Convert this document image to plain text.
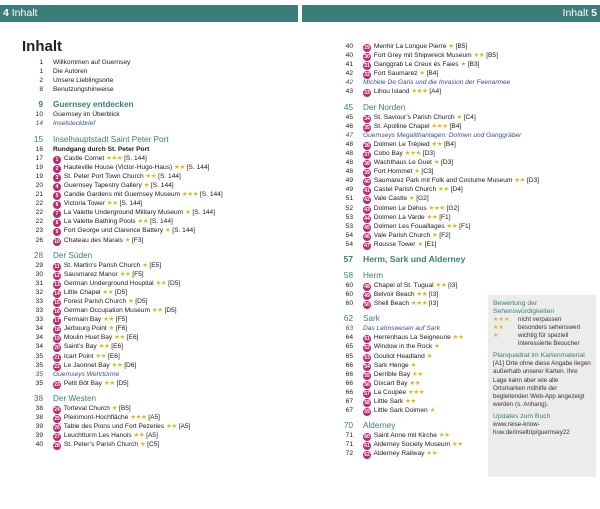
4 Inhalt	Inhalt 5
Inhalt
1 Willkommen auf Guernsey
1 Die Autoren
2 Unsere Lieblingsorte
8 Benutzungshinweise
9 Guernsey entdecken
10 Guernsey im Überblick
14 Inselsteckbrief
15 Inselhauptstadt Saint Peter Port
16 Rundgang durch St. Peter Port
17	1 Castle Cornet ★★★ [S. 144]
19	2 Hauteville House (Victor-Hugo-Haus) ★★ [S. 144]
19	3 St. Peter Port Town Church ★★ [S. 144]
20	4 Guernsey Tapestry Gallery ★ [S. 144]
21	5 Candie Gardens mit Guernsey Museum ★★★ [S. 144]
22	6 Victoria Tower ★★ [S. 144]
22	7 La Valette Underground Military Museum ★ [S. 144]
22	8 La Valette Bathing Pools ★★ [S. 144]
23	9 Fort George und Clarence Battery ★ [S. 144]
26 10 Chateau des Marais ★ [F3]
28 Der Süden
29 11 St. Martin’s Parish Church ★ [E5]
30 12 Sausmarez Manor ★★ [F5]
31 13 German Underground Hospital ★★ [D5]
32 14 Little Chapel ★★ [D5]
33 15 Forest Parish Church ★ [D5]
33 16 German Occupation Museum ★★ [D5]
33 17 Fermain Bay ★★ [F5]
34 18 Jerbourg Point ★ [F6]
34 19 Moulin Huet Bay ★★ [E6]
34 20 Saint’s Bay ★★ [E6]
35 21 Icart Point ★★ [E6]
35 22 Le Jaonnet Bay ★★ [D6]
35 Guernseys Wehrtürme
35 23 Petit Bôt Bay ★★ [D5]
38 Der Westen
38 24 Torteval Church ★ [B5]
38 25 Pleinmont-Hochfläche ★★★ [A5]
39 26 Table des Pions und Fort Pezeries ★★ [A5]
39 27 Leuchtturm Les Hanois ★★ [A5]
40 28 St. Peter’s Parish Church ★ [C5]
40 29 Menhir La Longue Pierre ★ [B5]
40 30 Fort Grey mit Shipwreck Museum ★★ [B5]
41 31 Ganggrab Le Creux ès Faies ★ [B3]
42 32 Fort Saumarez ★ [B4]
42 Michèle De Garis und die Invasion der Feenarmee
43 33 Lihou Island ★★★ [A4]
45 Der Norden
45 34 St. Saviour’s Parish Church ★ [C4]
46 35 St. Apolline Chapel ★★★ [B4]
47 Guernseys Megalithanlagen: Dolmen und Ganggräber
48 36 Dolmen Le Trépied ★★ [B4]
48 37 Cobo Bay ★★★ [D3]
48 38 Wachthaus Le Guet ★ [D3]
48 39 Fort Hommet ★ [C3]
49 40 Saumarez Park mit Folk and Costume Museum ★★ [D3]
49 41 Castel Parish Church ★★ [D4]
51 42 Vale Castle ★ [G2]
52 43 Dolmen Le Déhus ★★★ [G2]
53 44 Dolmen La Varde ★★ [F1]
53 45 Dolmen Les Fouaillages ★★ [F1]
54 46 Vale Parish Church ★ [F2]
54 47 Rousse Tower ★ [E1]
57 Herm, Sark und Alderney
58 Herm
60 48 Chapel of St. Tugual ★★ [I3]
60 49 Belvoir Beach ★★ [I3]
60 50 Shell Beach ★★★ [I3]
62 Sark
63 Das Lehnswesen auf Sark
64 51 Herrenhaus La Seigneurie ★★
65 52 Window in the Rock ★
65 53 Gouliot Headland ★
66 54 Sark Henge ★
66 55 Derrible Bay ★★
66 56 Dixcart Bay ★★
66 57 La Coupée ★★★
67 58 Little Sark ★★
67 59 Little Sark Dolmen ★
70 Alderney
71 60 Saint Anne mit Kirche ★★
71 61 Alderney Society Museum ★★
72 62 Alderney Railway ★★
Bewertung der Sehenswürdigkeiten
★★★ nicht verpassen
★★ besonders sehenswert
★	wichtig für speziell interessierte Besucher
Planquadrat im Kartenmaterial

[A1] Orte ohne diese Angabe liegen außerhalb unserer Karten. Ihre Lage kann aber wie alle Ortsmarken mithilfe der begleitenden Web-App angezeigt werden (s. Anhang).

Updates zum Buch

www.reise-know-how.de/inseltrip/guernsey22
